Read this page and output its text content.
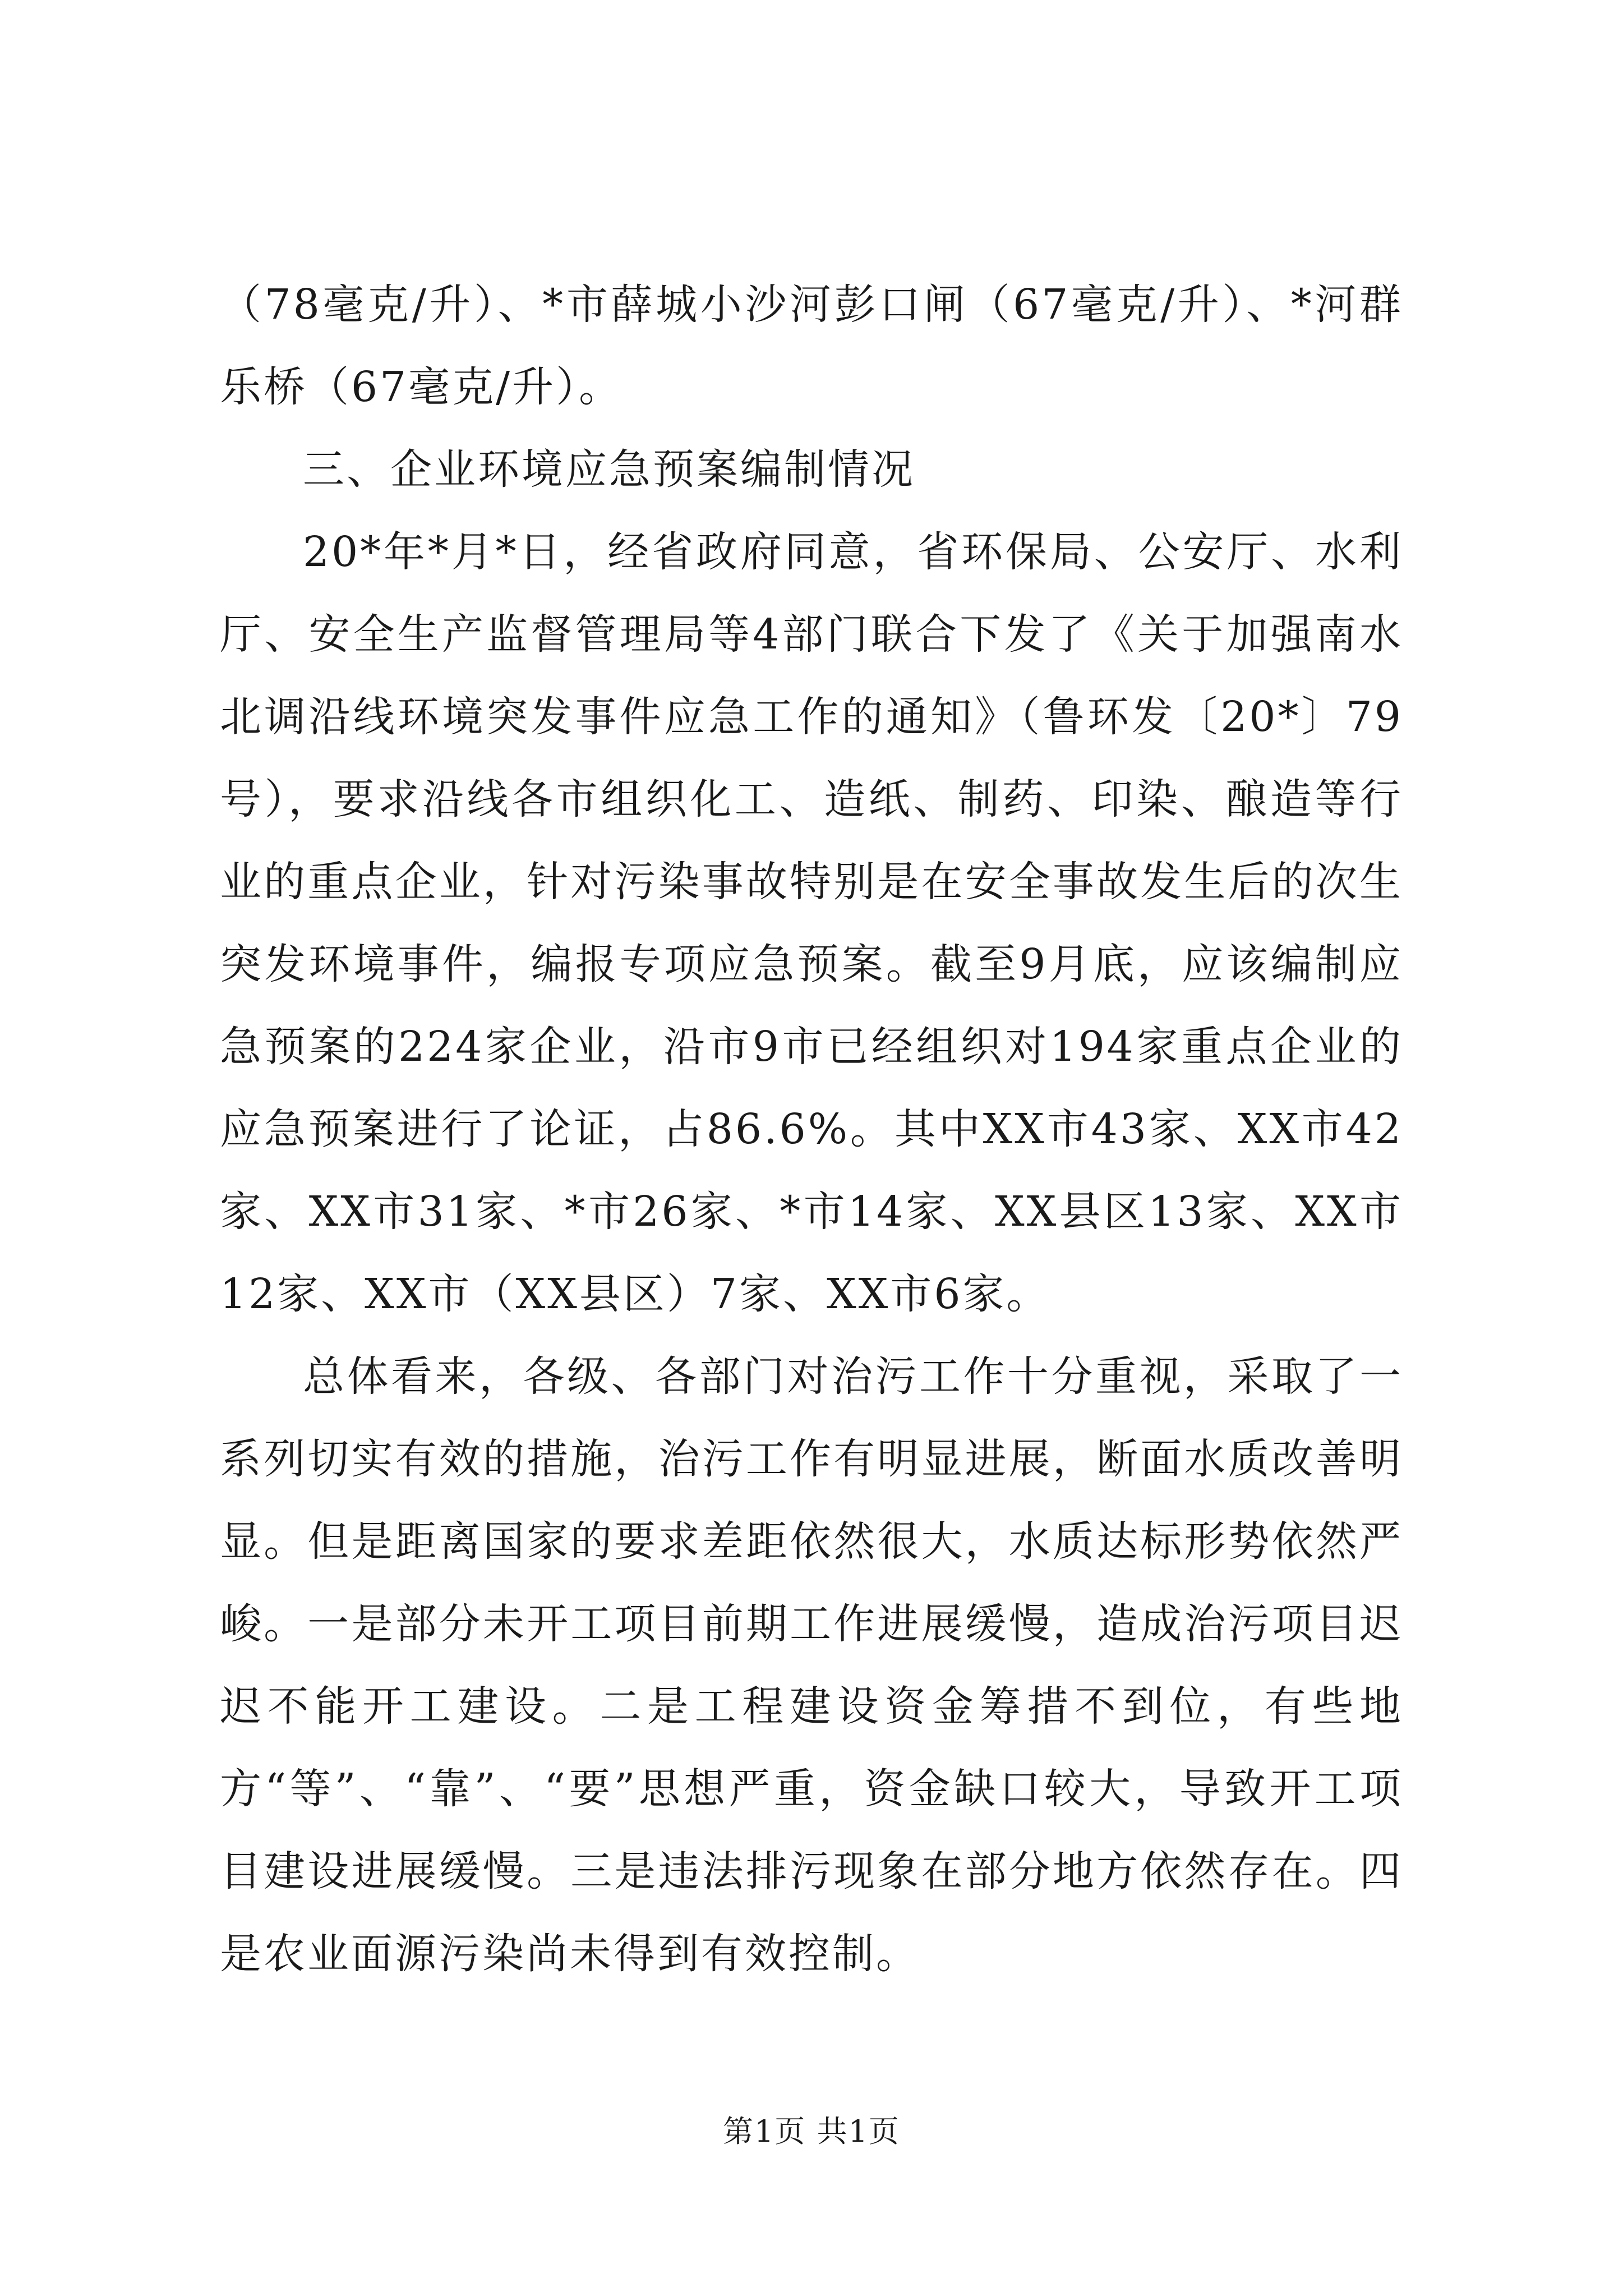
（78毫克/升）、*市薛城小沙河彭口闸（67毫克/升）、*河群乐桥（67毫克/升）。

三、企业环境应急预案编制情况

20*年*月*日，经省政府同意，省环保局、公安厅、水利厅、安全生产监督管理局等4部门联合下发了《关于加强南水北调沿线环境突发事件应急工作的通知》（鲁环发〔20*〕79号），要求沿线各市组织化工、造纸、制药、印染、酿造等行业的重点企业，针对污染事故特别是在安全事故发生后的次生突发环境事件，编报专项应急预案。截至9月底，应该编制应急预案的224家企业，沿市9市已经组织对194家重点企业的应急预案进行了论证，占86.6%。其中XX市43家、XX市42家、XX市31家、*市26家、*市14家、XX县区13家、XX市12家、XX市（XX县区）7家、XX市6家。

总体看来，各级、各部门对治污工作十分重视，采取了一系列切实有效的措施，治污工作有明显进展，断面水质改善明显。但是距离国家的要求差距依然很大，水质达标形势依然严峻。一是部分未开工项目前期工作进展缓慢，造成治污项目迟迟不能开工建设。二是工程建设资金筹措不到位，有些地方“等”、“靠”、“要”思想严重，资金缺口较大，导致开工项目建设进展缓慢。三是违法排污现象在部分地方依然存在。四是农业面源污染尚未得到有效控制。

第1页 共1页
